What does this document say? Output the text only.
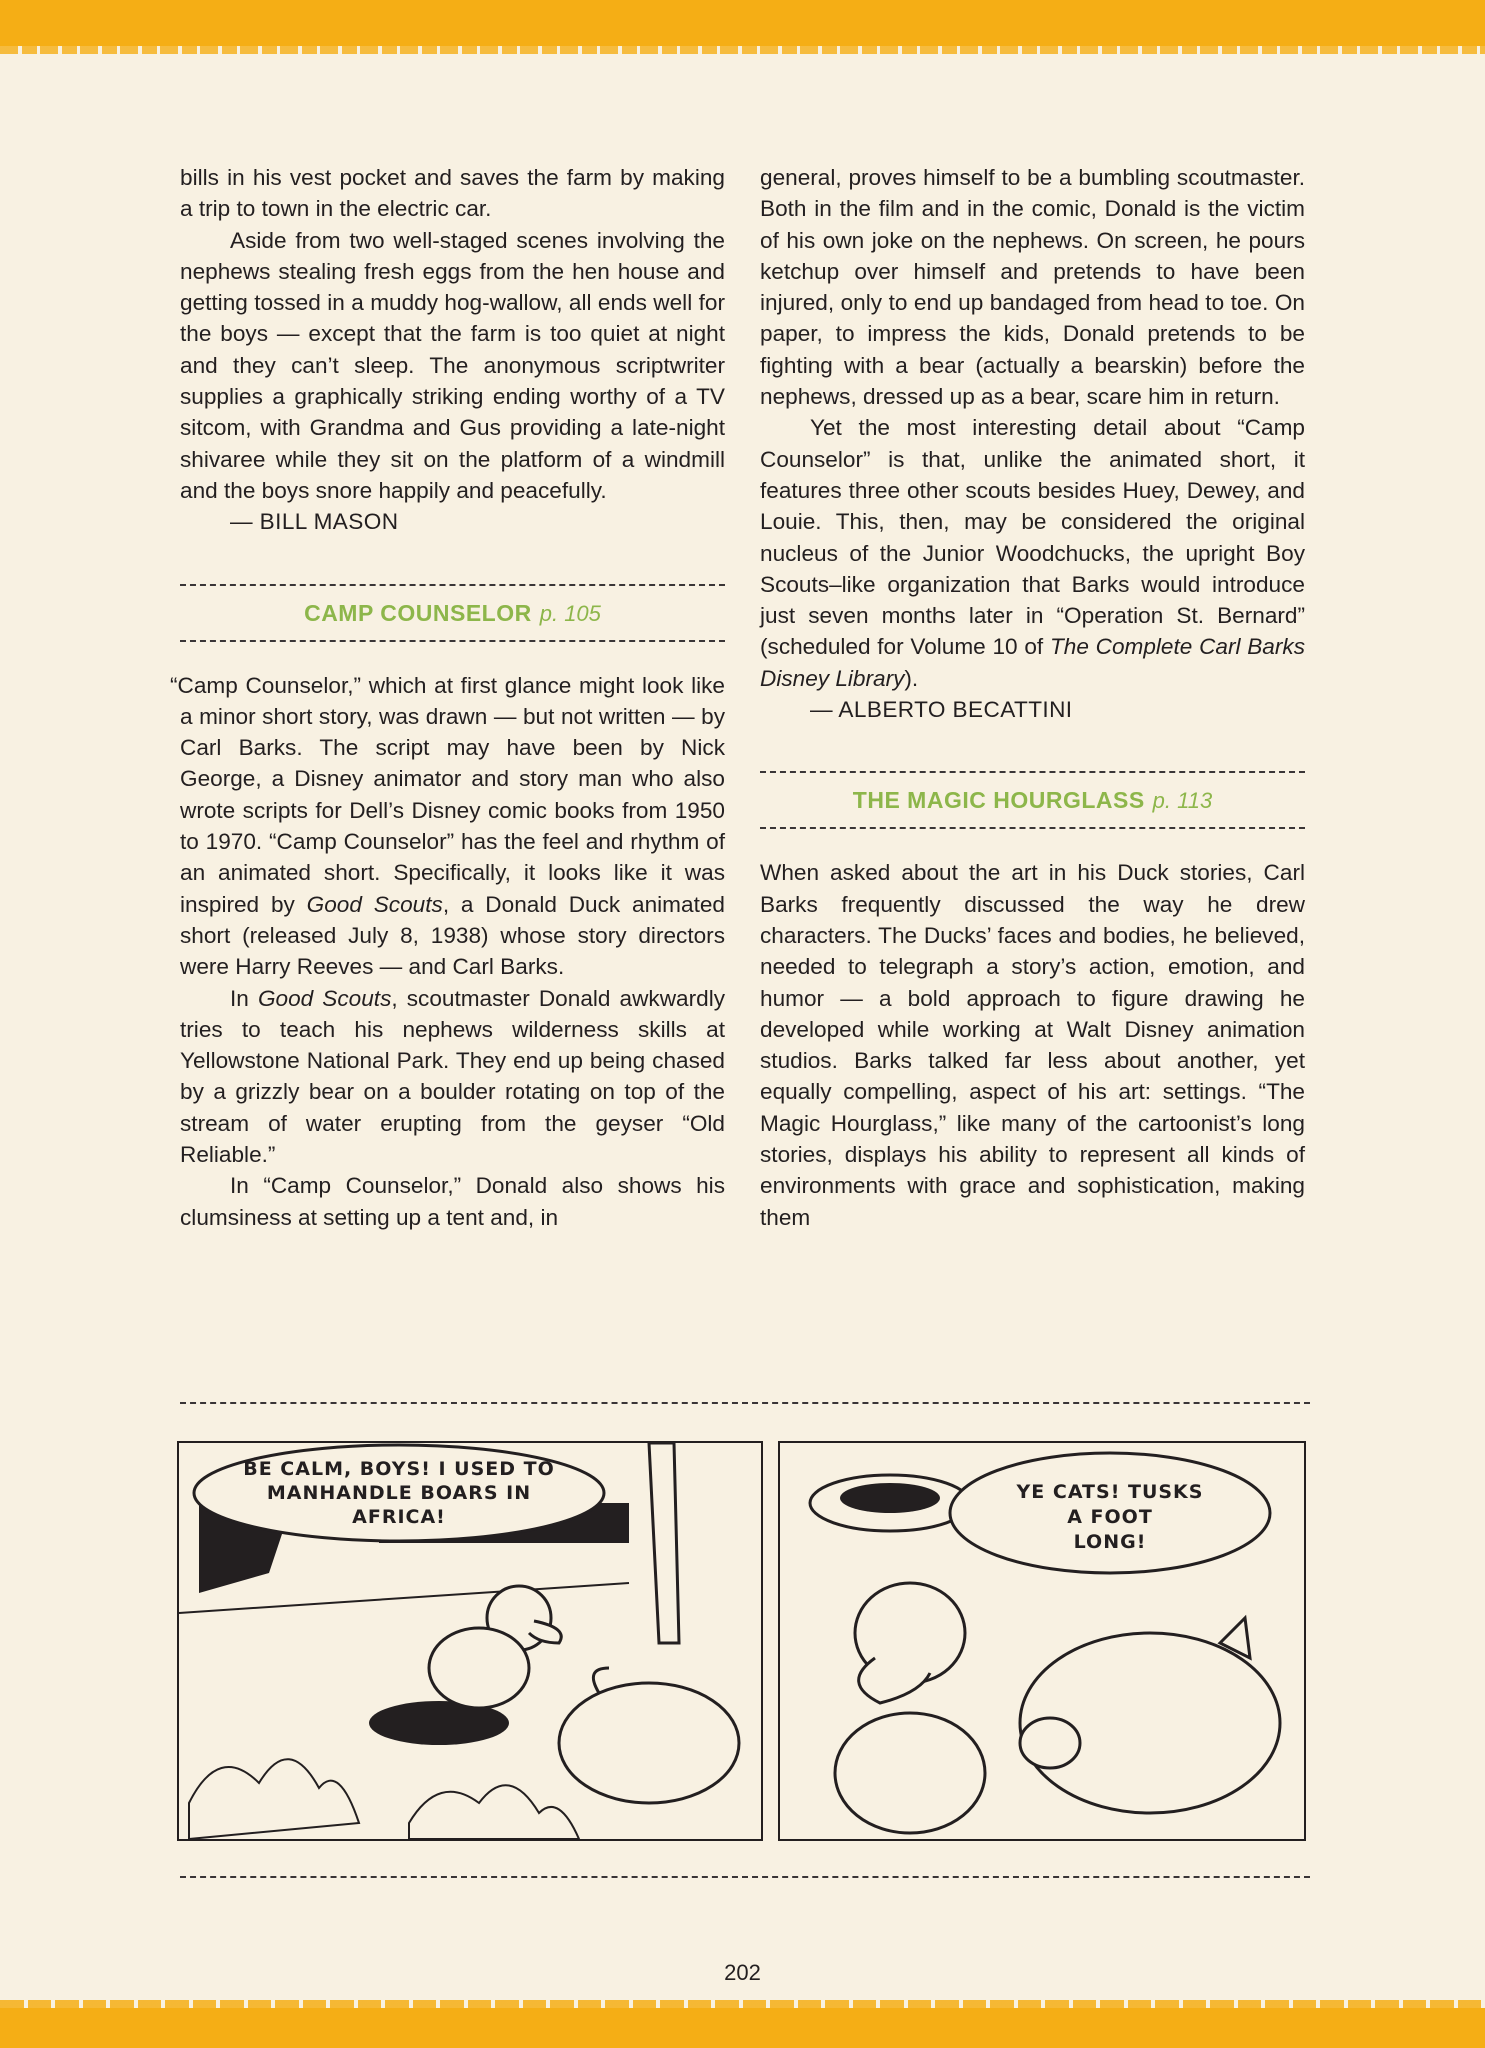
bills in his vest pocket and saves the farm by making a trip to town in the electric car.

Aside from two well-staged scenes involving the nephews stealing fresh eggs from the hen house and getting tossed in a muddy hog-wallow, all ends well for the boys — except that the farm is too quiet at night and they can’t sleep. The anonymous scriptwriter supplies a graphically striking ending worthy of a TV sitcom, with Grandma and Gus providing a late-night shivaree while they sit on the platform of a windmill and the boys snore happily and peacefully.

— BILL MASON

CAMP COUNSELOR p. 105

“Camp Counselor,” which at first glance might look like a minor short story, was drawn — but not written — by Carl Barks. The script may have been by Nick George, a Disney animator and story man who also wrote scripts for Dell’s Disney comic books from 1950 to 1970. “Camp Counselor” has the feel and rhythm of an animated short. Specifically, it looks like it was inspired by Good Scouts, a Donald Duck animated short (released July 8, 1938) whose story directors were Harry Reeves — and Carl Barks.

In Good Scouts, scoutmaster Donald awkwardly tries to teach his nephews wilderness skills at Yellowstone National Park. They end up being chased by a grizzly bear on a boulder rotating on top of the stream of water erupting from the geyser “Old Reliable.”

In “Camp Counselor,” Donald also shows his clumsiness at setting up a tent and, in

general, proves himself to be a bumbling scoutmaster. Both in the film and in the comic, Donald is the victim of his own joke on the nephews. On screen, he pours ketchup over himself and pretends to have been injured, only to end up bandaged from head to toe. On paper, to impress the kids, Donald pretends to be fighting with a bear (actually a bearskin) before the nephews, dressed up as a bear, scare him in return.

Yet the most interesting detail about “Camp Counselor” is that, unlike the animated short, it features three other scouts besides Huey, Dewey, and Louie. This, then, may be considered the original nucleus of the Junior Woodchucks, the upright Boy Scouts–like organization that Barks would introduce just seven months later in “Operation St. Bernard” (scheduled for Volume 10 of The Complete Carl Barks Disney Library).

— ALBERTO BECATTINI

THE MAGIC HOURGLASS p. 113

When asked about the art in his Duck stories, Carl Barks frequently discussed the way he drew characters. The Ducks’ faces and bodies, he believed, needed to telegraph a story’s action, emotion, and humor — a bold approach to figure drawing he developed while working at Walt Disney animation studios. Barks talked far less about another, yet equally compelling, aspect of his art: settings. “The Magic Hourglass,” like many of the cartoonist’s long stories, displays his ability to represent all kinds of environments with grace and sophistication, making them

BE CALM, BOYS! I USED TO
MANHANDLE BOARS IN
AFRICA!
YE CATS! TUSKS
A FOOT
LONG!
202
